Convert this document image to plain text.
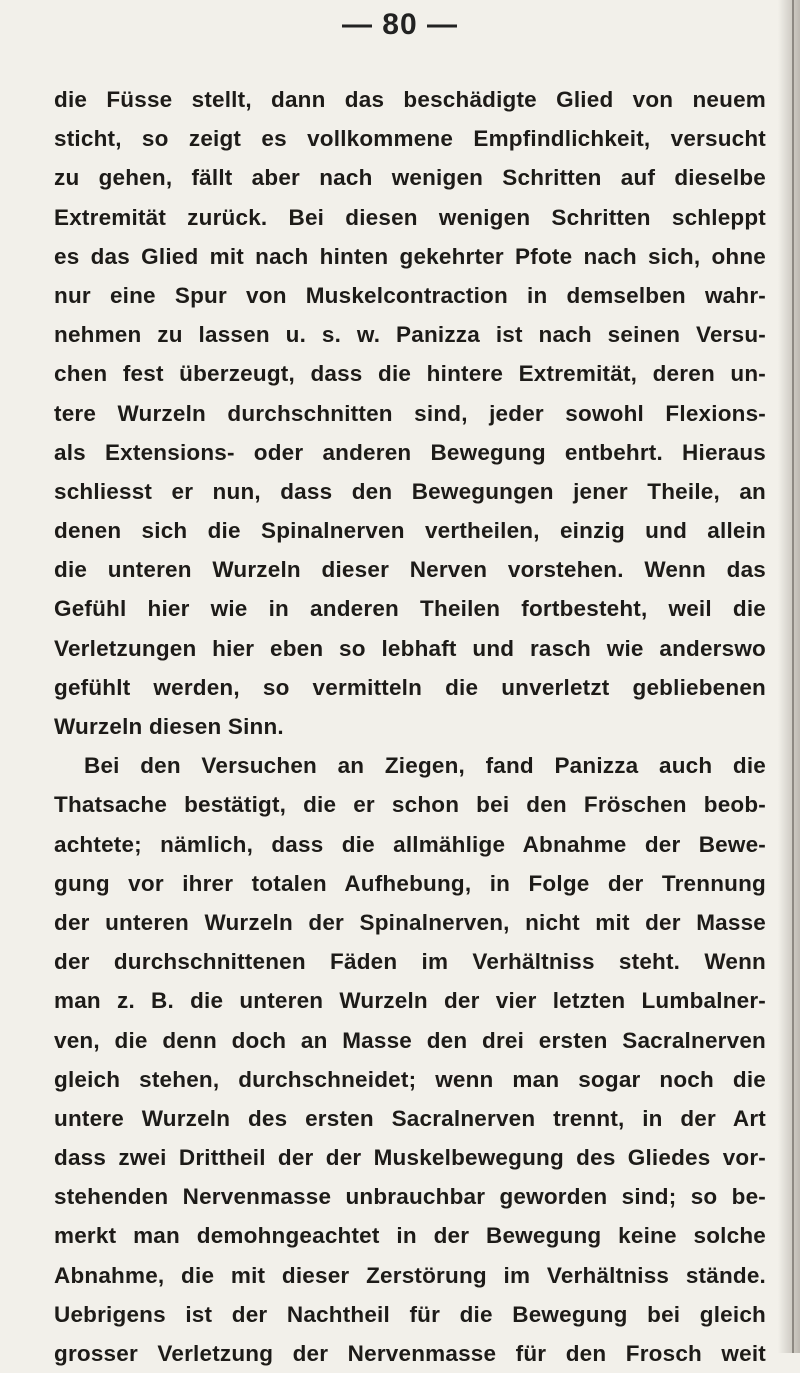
— 80 —
die Füsse stellt, dann das beschädigte Glied von neuem
sticht, so zeigt es vollkommene Empfindlichkeit, versucht
zu gehen, fällt aber nach wenigen Schritten auf dieselbe
Extremität zurück. Bei diesen wenigen Schritten schleppt
es das Glied mit nach hinten gekehrter Pfote nach sich, ohne
nur eine Spur von Muskelcontraction in demselben wahr-
nehmen zu lassen u. s. w. Panizza ist nach seinen Versu-
chen fest überzeugt, dass die hintere Extremität, deren un-
tere Wurzeln durchschnitten sind, jeder sowohl Flexions-
als Extensions- oder anderen Bewegung entbehrt. Hieraus
schliesst er nun, dass den Bewegungen jener Theile, an
denen sich die Spinalnerven vertheilen, einzig und allein
die unteren Wurzeln dieser Nerven vorstehen. Wenn das
Gefühl hier wie in anderen Theilen fortbesteht, weil die
Verletzungen hier eben so lebhaft und rasch wie anderswo
gefühlt werden, so vermitteln die unverletzt gebliebenen
Wurzeln diesen Sinn.
Bei den Versuchen an Ziegen, fand Panizza auch die
Thatsache bestätigt, die er schon bei den Fröschen beob-
achtete; nämlich, dass die allmählige Abnahme der Bewe-
gung vor ihrer totalen Aufhebung, in Folge der Trennung
der unteren Wurzeln der Spinalnerven, nicht mit der Masse
der durchschnittenen Fäden im Verhältniss steht. Wenn
man z. B. die unteren Wurzeln der vier letzten Lumbalner-
ven, die denn doch an Masse den drei ersten Sacralnerven
gleich stehen, durchschneidet; wenn man sogar noch die
untere Wurzeln des ersten Sacralnerven trennt, in der Art
dass zwei Drittheil der der Muskelbewegung des Gliedes vor-
stehenden Nervenmasse unbrauchbar geworden sind; so be-
merkt man demohngeachtet in der Bewegung keine solche
Abnahme, die mit dieser Zerstörung im Verhältniss stände.
Uebrigens ist der Nachtheil für die Bewegung bei gleich
grosser Verletzung der Nervenmasse für den Frosch weit
